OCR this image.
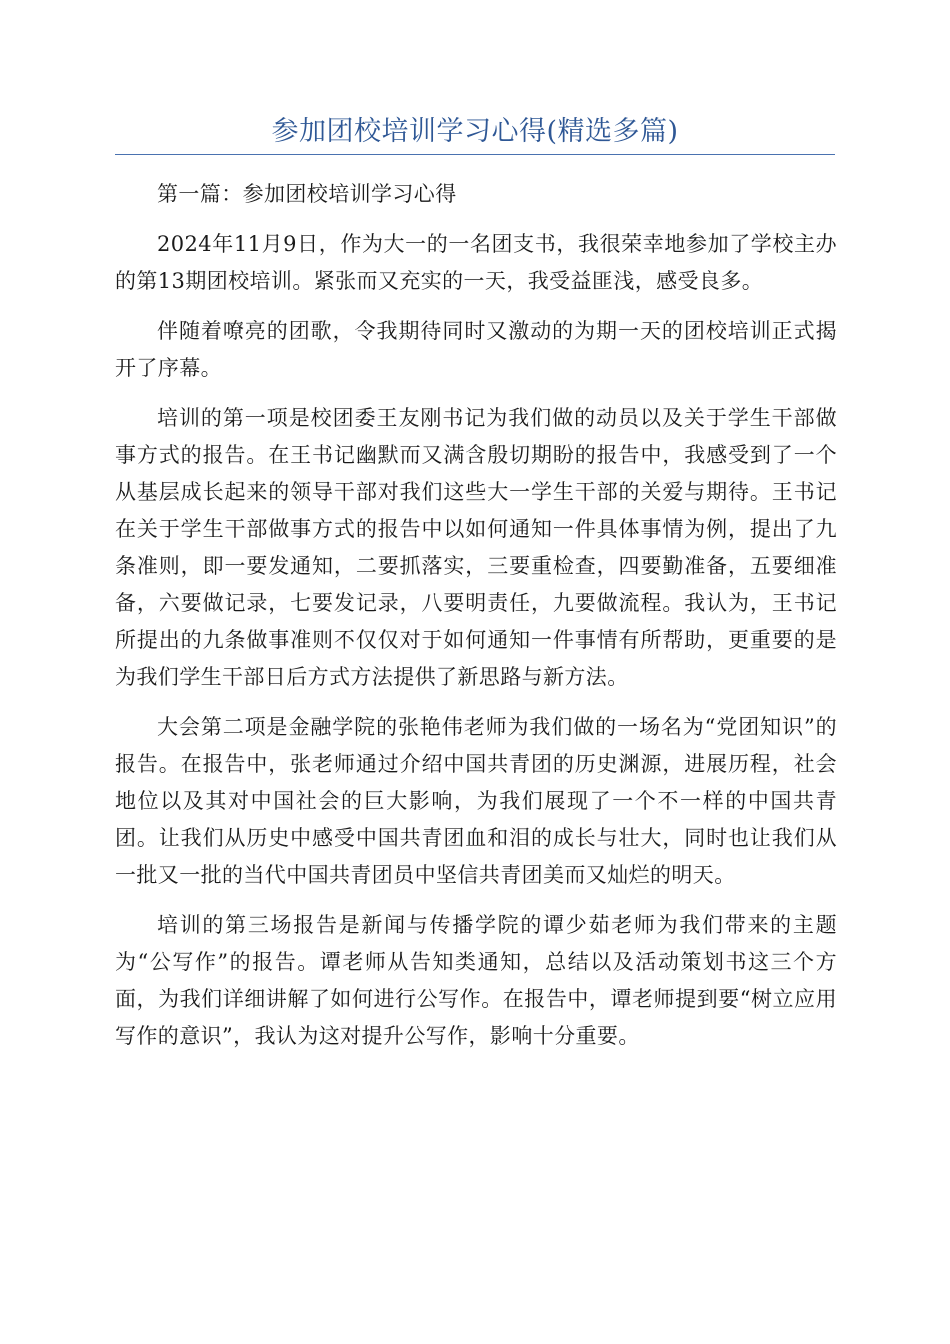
参加团校培训学习心得(精选多篇)

第一篇：参加团校培训学习心得

2024年11月9日，作为大一的一名团支书，我很荣幸地参加了学校主办的第13期团校培训。紧张而又充实的一天，我受益匪浅，感受良多。

伴随着嘹亮的团歌，令我期待同时又激动的为期一天的团校培训正式揭开了序幕。

培训的第一项是校团委王友刚书记为我们做的动员以及关于学生干部做事方式的报告。在王书记幽默而又满含殷切期盼的报告中，我感受到了一个从基层成长起来的领导干部对我们这些大一学生干部的关爱与期待。王书记在关于学生干部做事方式的报告中以如何通知一件具体事情为例，提出了九条准则，即一要发通知，二要抓落实，三要重检查，四要勤准备，五要细准备，六要做记录，七要发记录，八要明责任，九要做流程。我认为，王书记所提出的九条做事准则不仅仅对于如何通知一件事情有所帮助，更重要的是为我们学生干部日后方式方法提供了新思路与新方法。

大会第二项是金融学院的张艳伟老师为我们做的一场名为“党团知识”的报告。在报告中，张老师通过介绍中国共青团的历史渊源，进展历程，社会地位以及其对中国社会的巨大影响，为我们展现了一个不一样的中国共青团。让我们从历史中感受中国共青团血和泪的成长与壮大，同时也让我们从一批又一批的当代中国共青团员中坚信共青团美而又灿烂的明天。

培训的第三场报告是新闻与传播学院的谭少茹老师为我们带来的主题为“公写作”的报告。谭老师从告知类通知，总结以及活动策划书这三个方面，为我们详细讲解了如何进行公写作。在报告中，谭老师提到要“树立应用写作的意识”，我认为这对提升公写作，影响十分重要。
